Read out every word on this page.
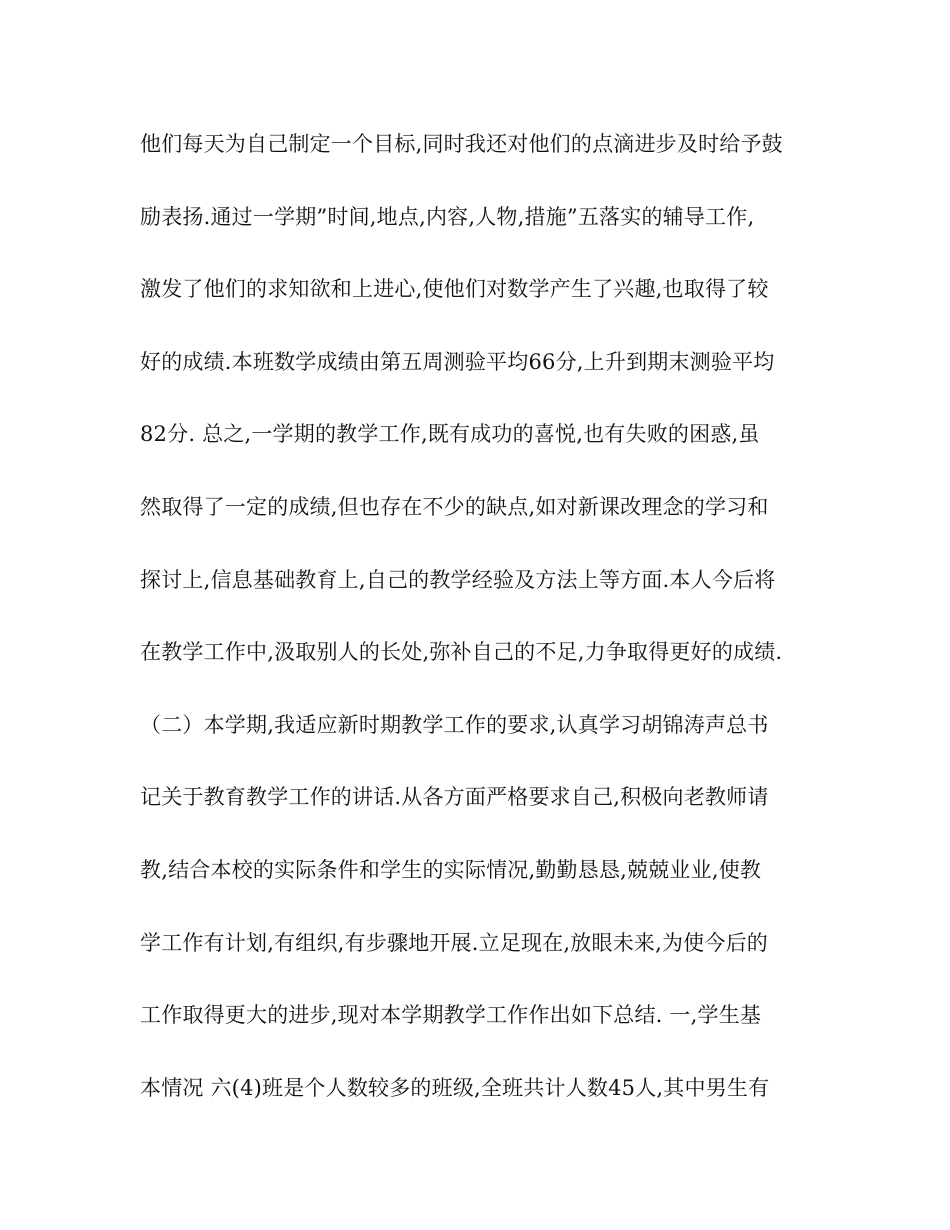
他们每天为自己制定一个目标,同时我还对他们的点滴进步及时给予鼓
励表扬.通过一学期”时间,地点,内容,人物,措施”五落实的辅导工作,
激发了他们的求知欲和上进心,使他们对数学产生了兴趣,也取得了较
好的成绩.本班数学成绩由第五周测验平均66分,上升到期末测验平均
82分. 总之,一学期的教学工作,既有成功的喜悦,也有失败的困惑,虽
然取得了一定的成绩,但也存在不少的缺点,如对新课改理念的学习和
探讨上,信息基础教育上,自己的教学经验及方法上等方面.本人今后将
在教学工作中,汲取别人的长处,弥补自己的不足,力争取得更好的成绩.
（二）本学期,我适应新时期教学工作的要求,认真学习胡锦涛声总书
记关于教育教学工作的讲话.从各方面严格要求自己,积极向老教师请
教,结合本校的实际条件和学生的实际情况,勤勤恳恳,兢兢业业,使教
学工作有计划,有组织,有步骤地开展.立足现在,放眼未来,为使今后的
工作取得更大的进步,现对本学期教学工作作出如下总结. 一,学生基
本情况 六(4)班是个人数较多的班级,全班共计人数45人,其中男生有
